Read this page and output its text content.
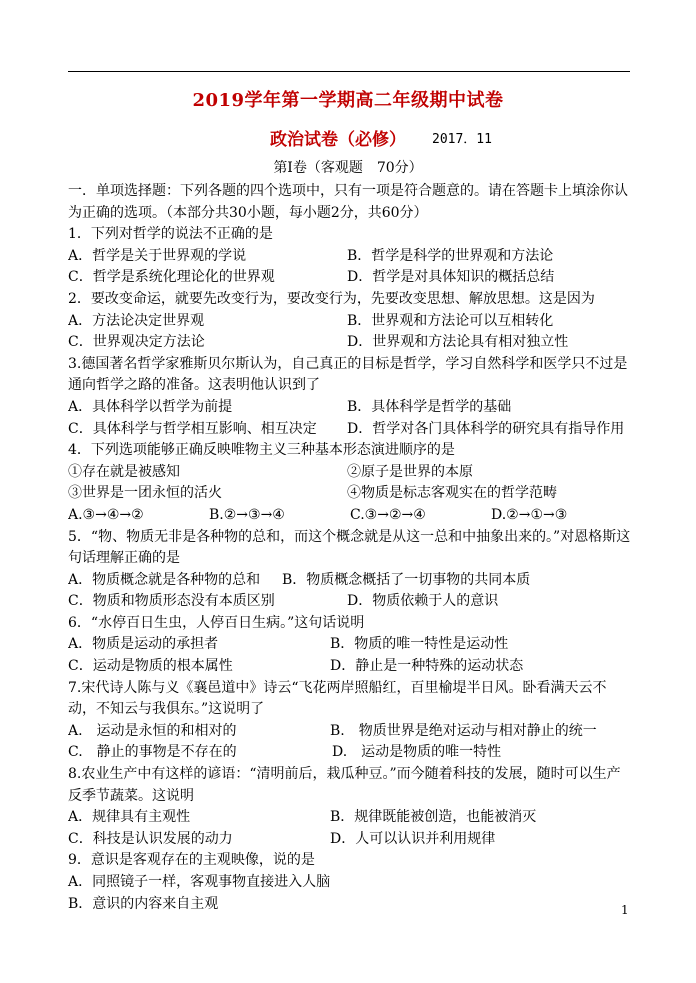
2019学年第一学期高二年级期中试卷
政治试卷（必修） 2017．11
第Ⅰ卷（客观题　70分）
一．单项选择题：下列各题的四个选项中，只有一项是符合题意的。请在答题卡上填涂你认为正确的选项。（本部分共30小题，每小题2分，共60分）
1．下列对哲学的说法不正确的是
A．哲学是关于世界观的学说	B．哲学是科学的世界观和方法论
C．哲学是系统化理论化的世界观	D．哲学是对具体知识的概括总结
2．要改变命运，就要先改变行为，要改变行为，先要改变思想、解放思想。这是因为
A．方法论决定世界观	B．世界观和方法论可以互相转化
C．世界观决定方法论	D．世界观和方法论具有相对独立性
3.德国著名哲学家雅斯贝尔斯认为，自己真正的目标是哲学，学习自然科学和医学只不过是通向哲学之路的准备。这表明他认识到了
A．具体科学以哲学为前提	B．具体科学是哲学的基础
C．具体科学与哲学相互影响、相互决定	D．哲学对各门具体科学的研究具有指导作用
4．下列选项能够正确反映唯物主义三种基本形态演进顺序的是
①存在就是被感知	②原子是世界的本原
③世界是一团永恒的活火	④物质是标志客观实在的哲学范畴
A.③→④→②	B.②→③→④	C.③→②→④	D.②→①→③
5．“物、物质无非是各种物的总和，而这个概念就是从这一总和中抽象出来的。”对恩格斯这句话理解正确的是
A．物质概念就是各种物的总和	B．物质概念概括了一切事物的共同本质
C．物质和物质形态没有本质区别	D．物质依赖于人的意识
6．“水停百日生虫，人停百日生病。”这句话说明
A．物质是运动的承担者	B．物质的唯一特性是运动性
C．运动是物质的根本属性	D．静止是一种特殊的运动状态
7.宋代诗人陈与义《襄邑道中》诗云“飞花两岸照船红，百里榆堤半日风。卧看满天云不动，不知云与我俱东。”这说明了
A.　运动是永恒的和相对的	B.　物质世界是绝对运动与相对静止的统一
C.　静止的事物是不存在的	D.　运动是物质的唯一特性
8.农业生产中有这样的谚语：“清明前后，栽瓜种豆。”而今随着科技的发展，随时可以生产反季节蔬菜。这说明
A．规律具有主观性	B．规律既能被创造，也能被消灭
C．科技是认识发展的动力	D．人可以认识并利用规律
9．意识是客观存在的主观映像，说的是
A．同照镜子一样，客观事物直接进入人脑
B．意识的内容来自主观	1
